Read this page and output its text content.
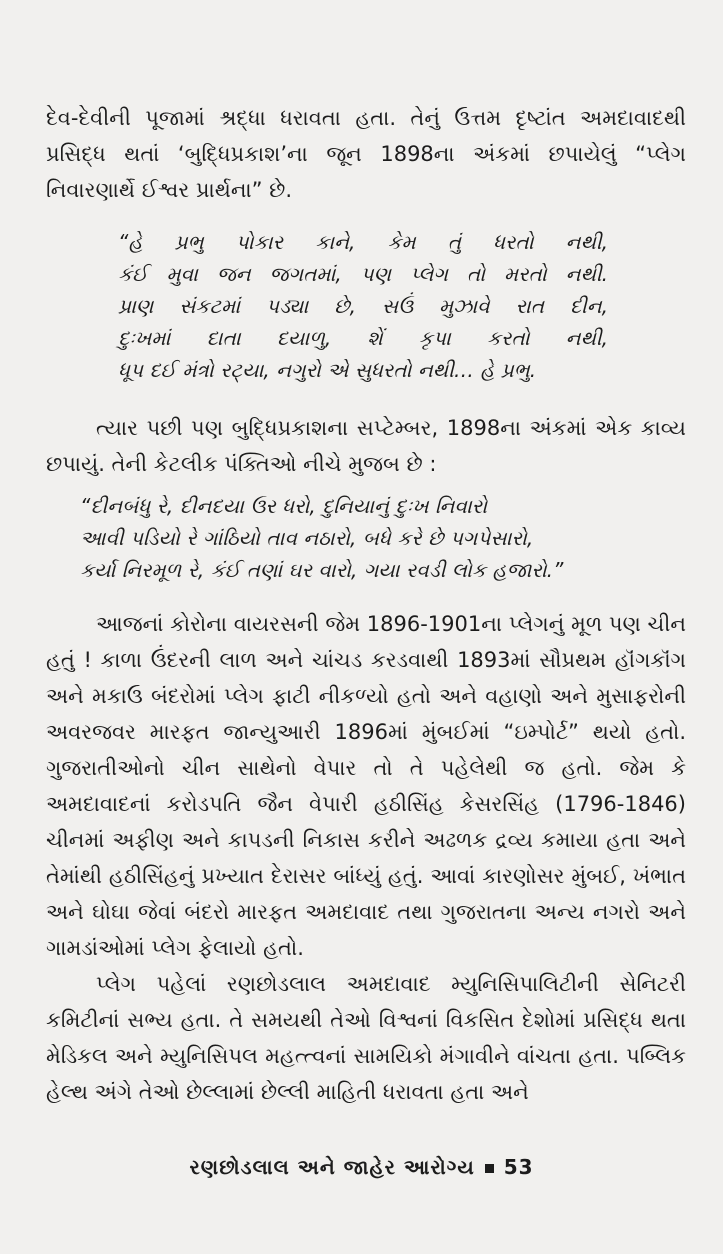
દેવ-દેવીની પૂજામાં શ્રદ્ધા ધરાવતા હતા. તેનું ઉત્તમ દૃષ્ટાંત અમદાવાદથી પ્રસિદ્ધ થતાં ‘બુદ્ધિપ્રકાશ’ના જૂન 1898ના અંકમાં છપાયેલું “પ્લેગ નિવારણાર્થે ઈશ્વર પ્રાર્થના” છે.

“હે પ્રભુ પોકાર કાને, કેમ તું ધરતો નથી,
કંઈ મુવા જન જગતમાં, પણ પ્લેગ તો મરતો નથી.
પ્રાણ સંકટમાં પડ્યા છે, સઉં મુઝાવે રાત દીન,
દુઃખમાં દાતા દયાળુ, શેં કૃપા કરતો નથી,
ધૂપ દઈ મંત્રો રટ્યા, નગુરો એ સુધરતો નથી… હે પ્રભુ.

ત્યાર પછી પણ બુદ્ધિપ્રકાશના સપ્ટેમ્બર, 1898ના અંકમાં એક કાવ્ય છપાયું. તેની કેટલીક પંક્તિઓ નીચે મુજબ છે :

“દીનબંધુ રે, દીનદયા ઉર ધરો, દુનિયાનું દુઃખ નિવારો
આવી પડિયો રે ગાંઠિયો તાવ નઠારો, બધે કરે છે પગપેસારો,
કર્યા નિરમૂળ રે, કંઈ તણાં ઘર વારો, ગયા રવડી લોક હજારો.”

આજનાં કોરોના વાયરસની જેમ 1896-1901ના પ્લેગનું મૂળ પણ ચીન હતું ! કાળા ઉંદરની લાળ અને ચાંચડ કરડવાથી 1893માં સૌપ્રથમ હૉંગકૉંગ અને મકાઉ બંદરોમાં પ્લેગ ફાટી નીકળ્યો હતો અને વહાણો અને મુસાફરોની અવરજવર મારફત જાન્યુઆરી 1896માં મુંબઈમાં “ઇમ્પોર્ટ” થયો હતો. ગુજરાતીઓનો ચીન સાથેનો વેપાર તો તે પહેલેથી જ હતો. જેમ કે અમદાવાદનાં કરોડપતિ જૈન વેપારી હઠીસિંહ કેસરસિંહ (1796-1846) ચીનમાં અફીણ અને કાપડની નિકાસ કરીને અઢળક દ્રવ્ય કમાયા હતા અને તેમાંથી હઠીસિંહનું પ્રખ્યાત દેરાસર બાંધ્યું હતું. આવાં કારણોસર મુંબઈ, ખંભાત અને ઘોઘા જેવાં બંદરો મારફત અમદાવાદ તથા ગુજરાતના અન્ય નગરો અને ગામડાંઓમાં પ્લેગ ફેલાયો હતો.

પ્લેગ પહેલાં રણછોડલાલ અમદાવાદ મ્યુનિસિપાલિટીની સેનિટરી કમિટીનાં સભ્ય હતા. તે સમયથી તેઓ વિશ્વનાં વિકસિત દેશોમાં પ્રસિદ્ધ થતા મેડિકલ અને મ્યુનિસિપલ મહત્ત્વનાં સામયિકો મંગાવીને વાંચતા હતા. પબ્લિક હેલ્થ અંગે તેઓ છેલ્લામાં છેલ્લી માહિતી ધરાવતા હતા અને

રણછોડલાલ અને જાહેર આરોગ્ય 53
